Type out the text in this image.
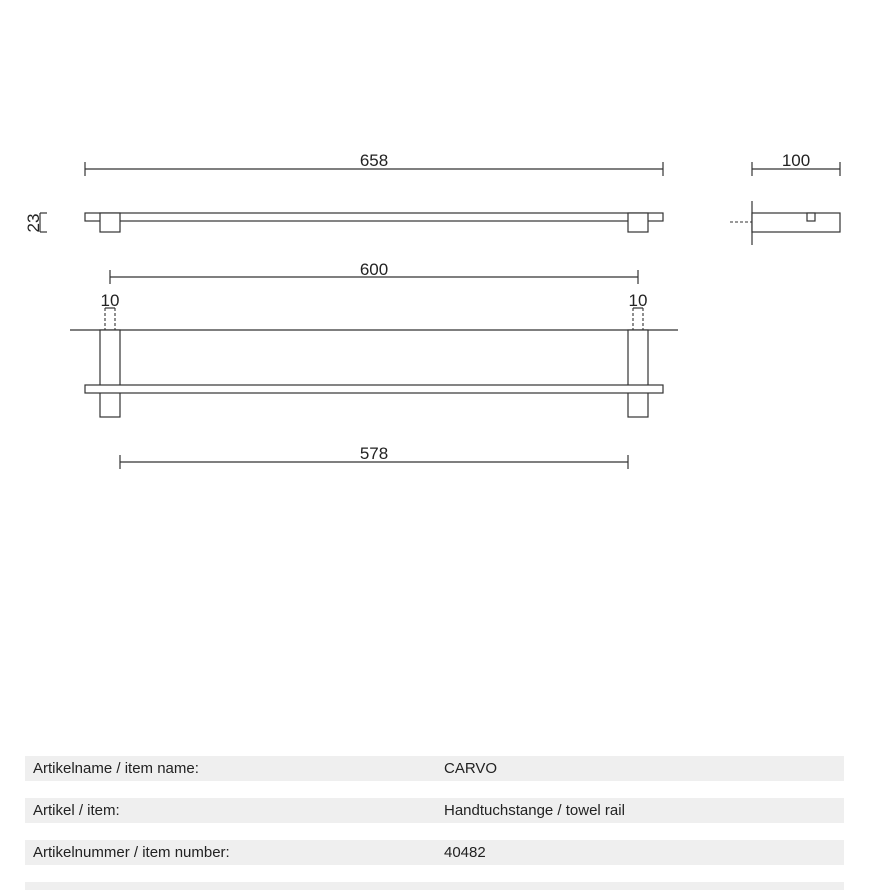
658
23
100
600
10	10
578
Artikelname / item name:	CARVO
Artikel / item:	Handtuchstange / towel rail
Artikelnummer / item number:	40482
